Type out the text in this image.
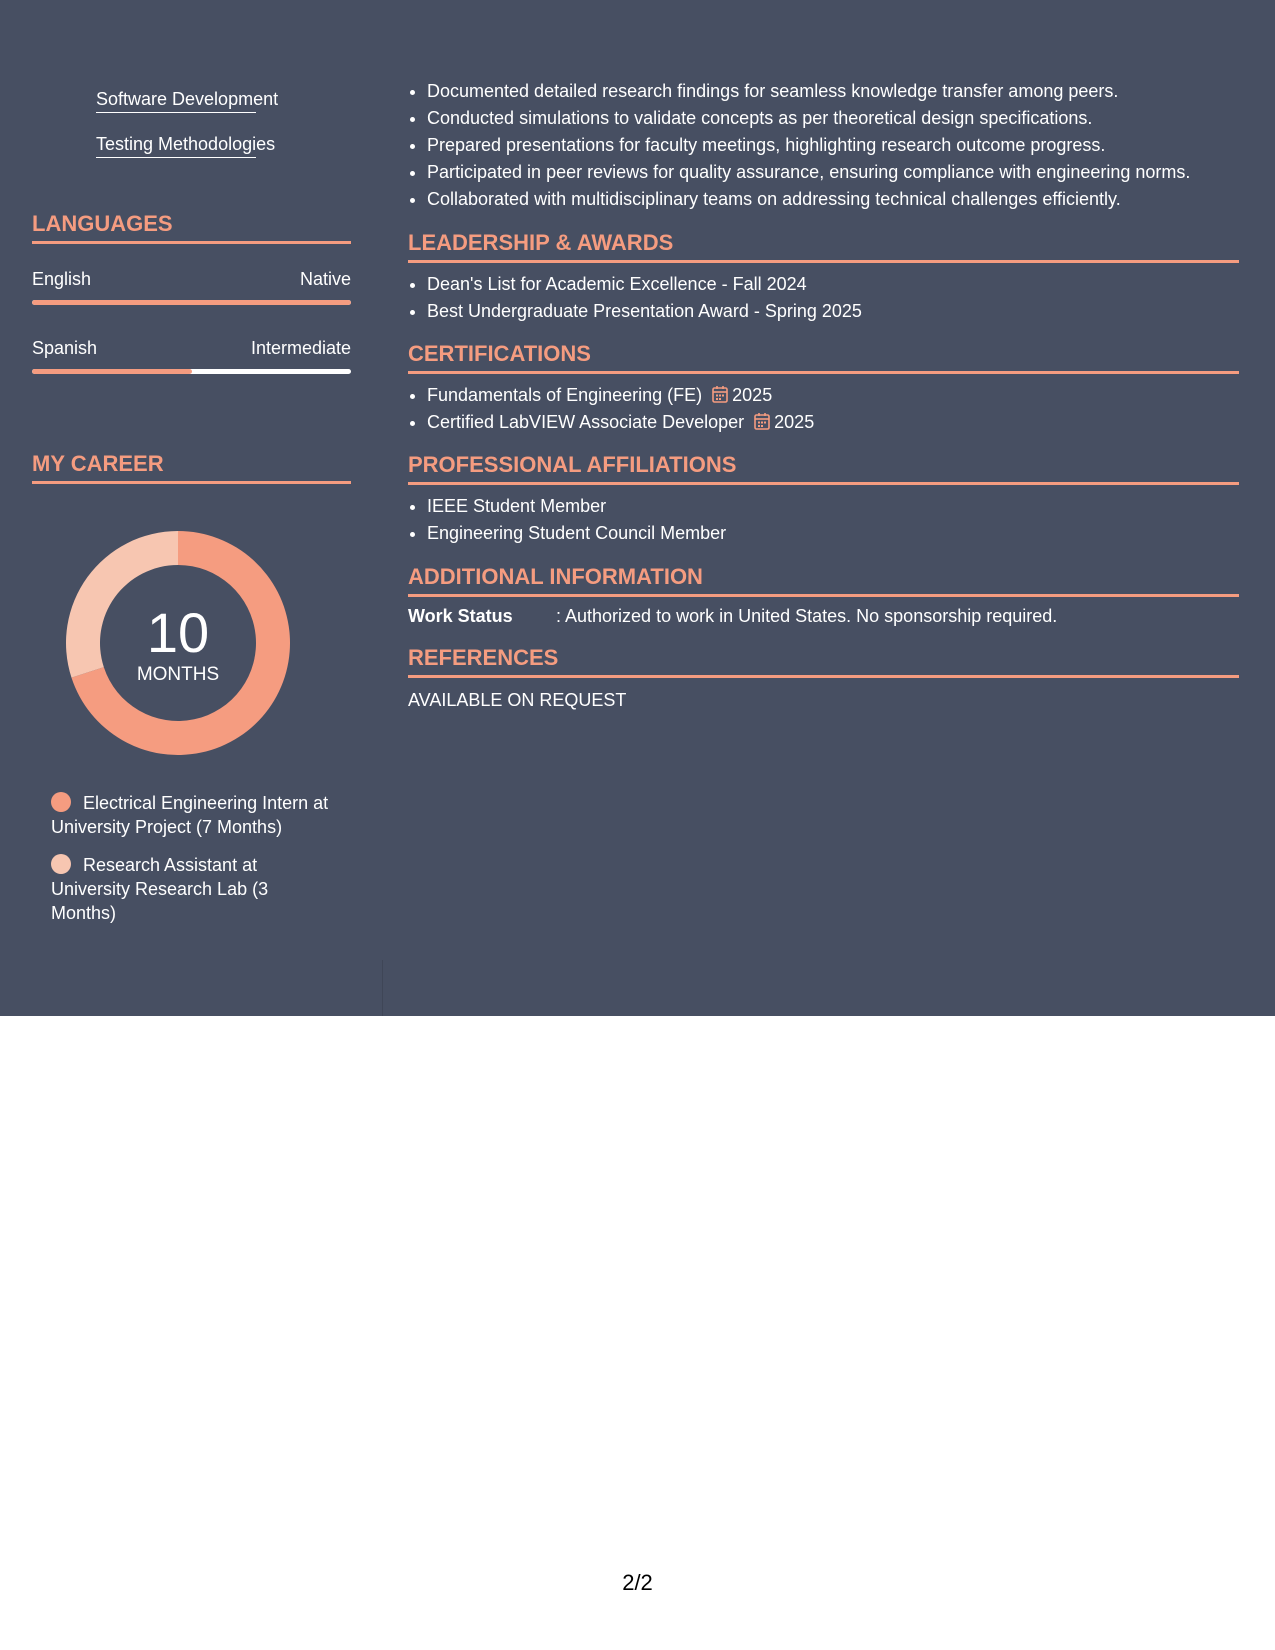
Software Development
Testing Methodologies
LANGUAGES
English	Native
Spanish	Intermediate
MY CAREER
10
MONTHS
Electrical Engineering Intern at University Project (7 Months)
Research Assistant at University Research Lab (3 Months)
• Documented detailed research findings for seamless knowledge transfer among peers.
• Conducted simulations to validate concepts as per theoretical design specifications.
• Prepared presentations for faculty meetings, highlighting research outcome progress.
• Participated in peer reviews for quality assurance, ensuring compliance with engineering norms.
• Collaborated with multidisciplinary teams on addressing technical challenges efficiently.
LEADERSHIP & AWARDS
• Dean's List for Academic Excellence - Fall 2024
• Best Undergraduate Presentation Award - Spring 2025
CERTIFICATIONS
• Fundamentals of Engineering (FE) 2025
• Certified LabVIEW Associate Developer 2025
PROFESSIONAL AFFILIATIONS
• IEEE Student Member
• Engineering Student Council Member
ADDITIONAL INFORMATION
Work Status : Authorized to work in United States. No sponsorship required.
REFERENCES
AVAILABLE ON REQUEST
2/2
